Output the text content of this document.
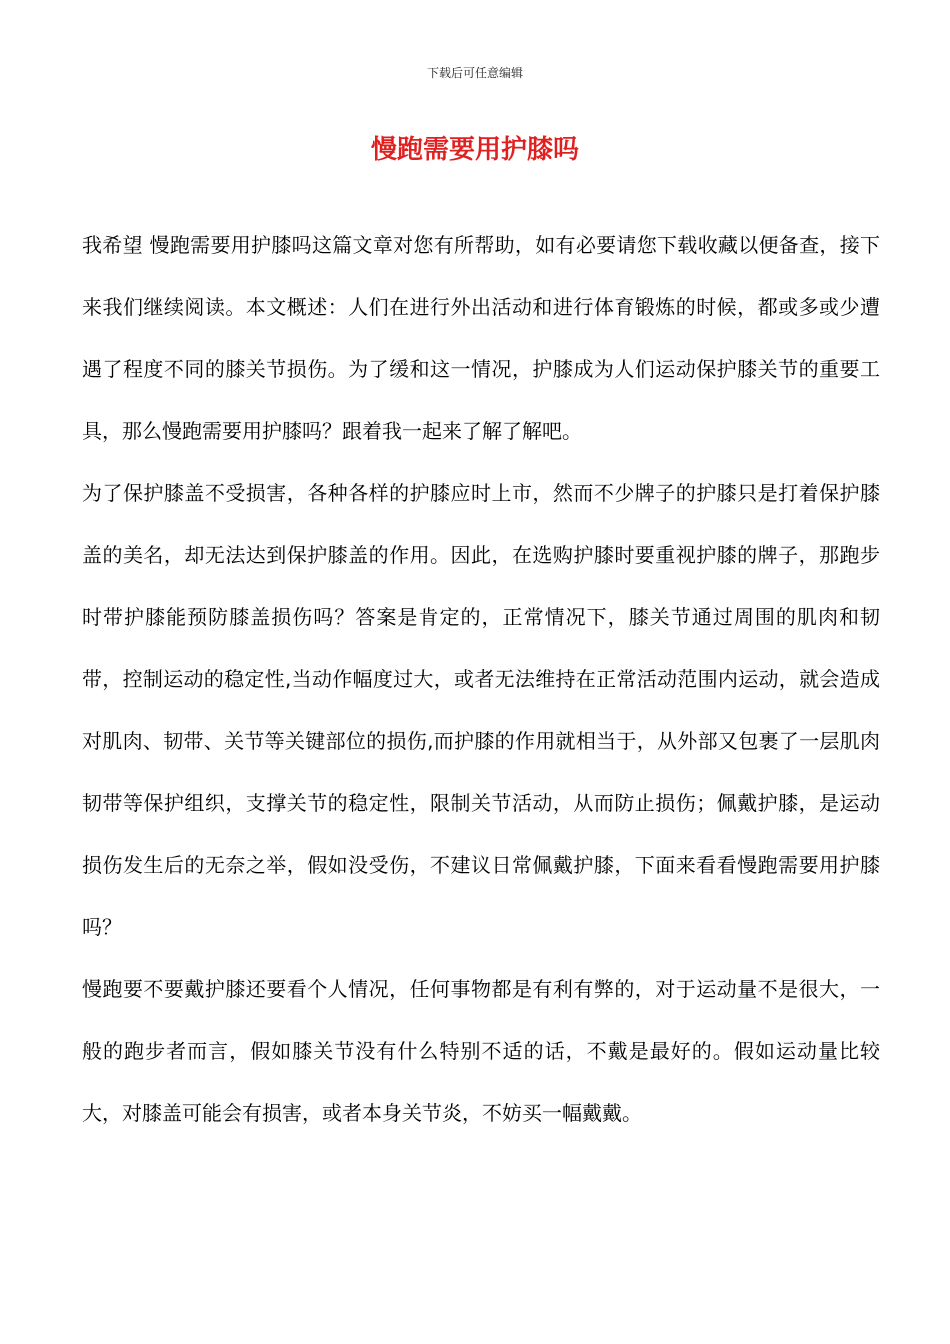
下载后可任意编辑
慢跑需要用护膝吗

我希望 慢跑需要用护膝吗这篇文章对您有所帮助，如有必要请您下载收藏以便备查，接下来我们继续阅读。本文概述：人们在进行外出活动和进行体育锻炼的时候，都或多或少遭遇了程度不同的膝关节损伤。为了缓和这一情况，护膝成为人们运动保护膝关节的重要工具，那么慢跑需要用护膝吗？跟着我一起来了解了解吧。

为了保护膝盖不受损害，各种各样的护膝应时上市，然而不少牌子的护膝只是打着保护膝盖的美名，却无法达到保护膝盖的作用。因此，在选购护膝时要重视护膝的牌子，那跑步时带护膝能预防膝盖损伤吗？答案是肯定的，正常情况下，膝关节通过周围的肌肉和韧带，控制运动的稳定性,当动作幅度过大，或者无法维持在正常活动范围内运动，就会造成对肌肉、韧带、关节等关键部位的损伤,而护膝的作用就相当于，从外部又包裹了一层肌肉韧带等保护组织，支撑关节的稳定性，限制关节活动，从而防止损伤；佩戴护膝，是运动损伤发生后的无奈之举，假如没受伤，不建议日常佩戴护膝，下面来看看慢跑需要用护膝吗？

慢跑要不要戴护膝还要看个人情况，任何事物都是有利有弊的，对于运动量不是很大，一般的跑步者而言，假如膝关节没有什么特别不适的话，不戴是最好的。假如运动量比较大，对膝盖可能会有损害，或者本身关节炎，不妨买一幅戴戴。
